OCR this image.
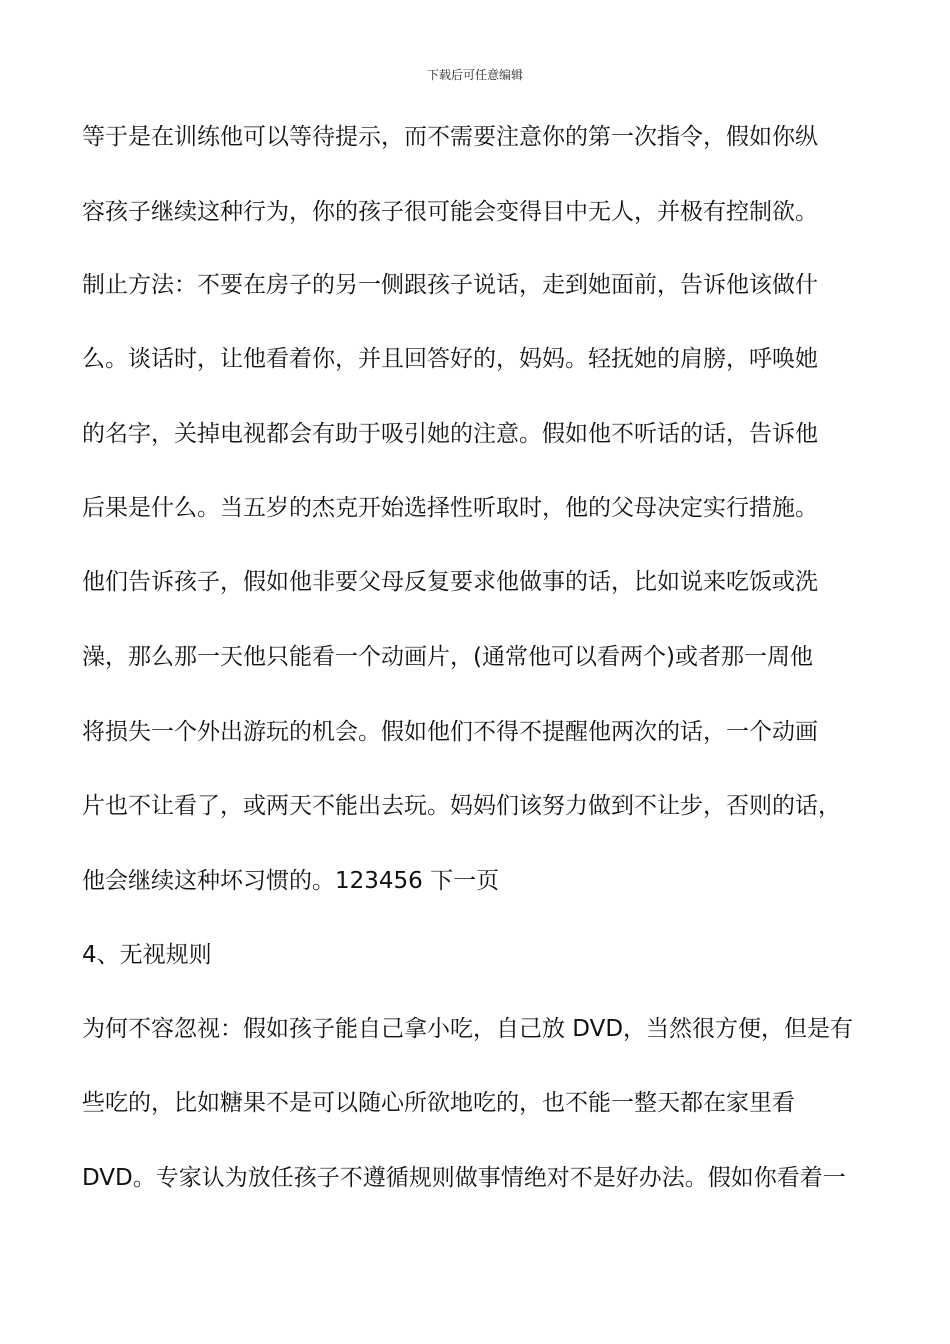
下载后可任意编辑
等于是在训练他可以等待提示，而不需要注意你的第一次指令，假如你纵
容孩子继续这种行为，你的孩子很可能会变得目中无人，并极有控制欲。
制止方法：不要在房子的另一侧跟孩子说话，走到她面前，告诉他该做什
么。谈话时，让他看着你，并且回答好的，妈妈。轻抚她的肩膀，呼唤她
的名字，关掉电视都会有助于吸引她的注意。假如他不听话的话，告诉他
后果是什么。当五岁的杰克开始选择性听取时，他的父母决定实行措施。
他们告诉孩子，假如他非要父母反复要求他做事的话，比如说来吃饭或洗
澡，那么那一天他只能看一个动画片，(通常他可以看两个)或者那一周他
将损失一个外出游玩的机会。假如他们不得不提醒他两次的话，一个动画
片也不让看了，或两天不能出去玩。妈妈们该努力做到不让步，否则的话，
他会继续这种坏习惯的。123456 下一页
4、无视规则
为何不容忽视：假如孩子能自己拿小吃，自己放 DVD，当然很方便，但是有
些吃的，比如糖果不是可以随心所欲地吃的，也不能一整天都在家里看
DVD。专家认为放任孩子不遵循规则做事情绝对不是好办法。假如你看着一
